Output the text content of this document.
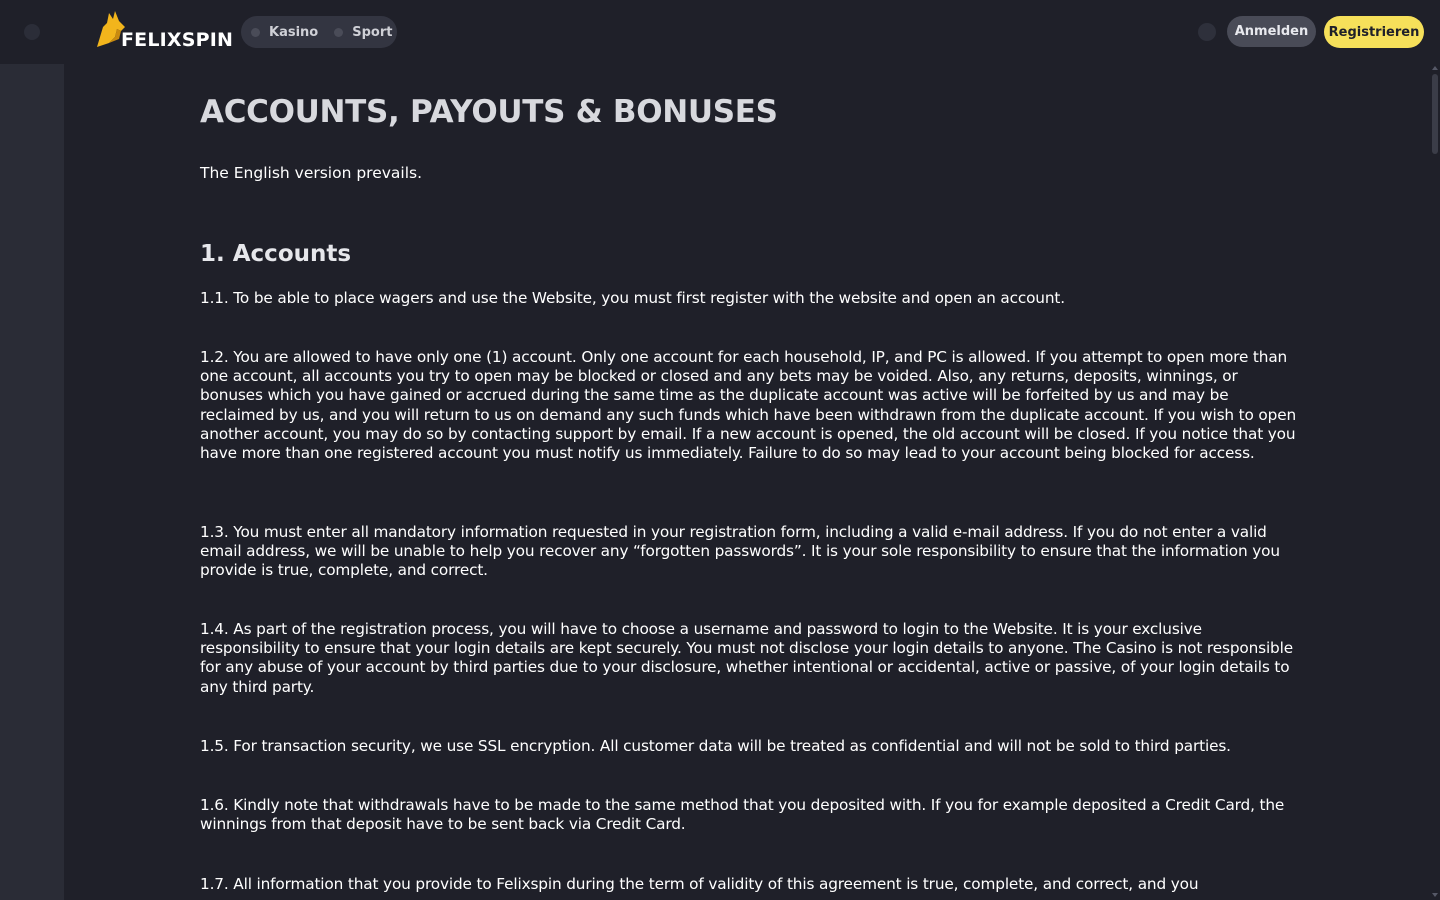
FELIXSPIN	Kasino	Sport	Anmelden	Registrieren
ACCOUNTS, PAYOUTS & BONUSES

The English version prevails.

1. Accounts

1.1. To be able to place wagers and use the Website, you must first register with the website and open an account.

1.2. You are allowed to have only one (1) account. Only one account for each household, IP, and PC is allowed. If you attempt to open more than one account, all accounts you try to open may be blocked or closed and any bets may be voided. Also, any returns, deposits, winnings, or bonuses which you have gained or accrued during the same time as the duplicate account was active will be forfeited by us and may be reclaimed by us, and you will return to us on demand any such funds which have been withdrawn from the duplicate account. If you wish to open another account, you may do so by contacting support by email. If a new account is opened, the old account will be closed. If you notice that you have more than one registered account you must notify us immediately. Failure to do so may lead to your account being blocked for access.

1.3. You must enter all mandatory information requested in your registration form, including a valid e-mail address. If you do not enter a valid email address, we will be unable to help you recover any “forgotten passwords”. It is your sole responsibility to ensure that the information you provide is true, complete, and correct.

1.4. As part of the registration process, you will have to choose a username and password to login to the Website. It is your exclusive responsibility to ensure that your login details are kept securely. You must not disclose your login details to anyone. The Casino is not responsible for any abuse of your account by third parties due to your disclosure, whether intentional or accidental, active or passive, of your login details to any third party.

1.5. For transaction security, we use SSL encryption. All customer data will be treated as confidential and will not be sold to third parties.

1.6. Kindly note that withdrawals have to be made to the same method that you deposited with. If you for example deposited a Credit Card, the winnings from that deposit have to be sent back via Credit Card.

1.7. All information that you provide to Felixspin during the term of validity of this agreement is true, complete, and correct, and you
